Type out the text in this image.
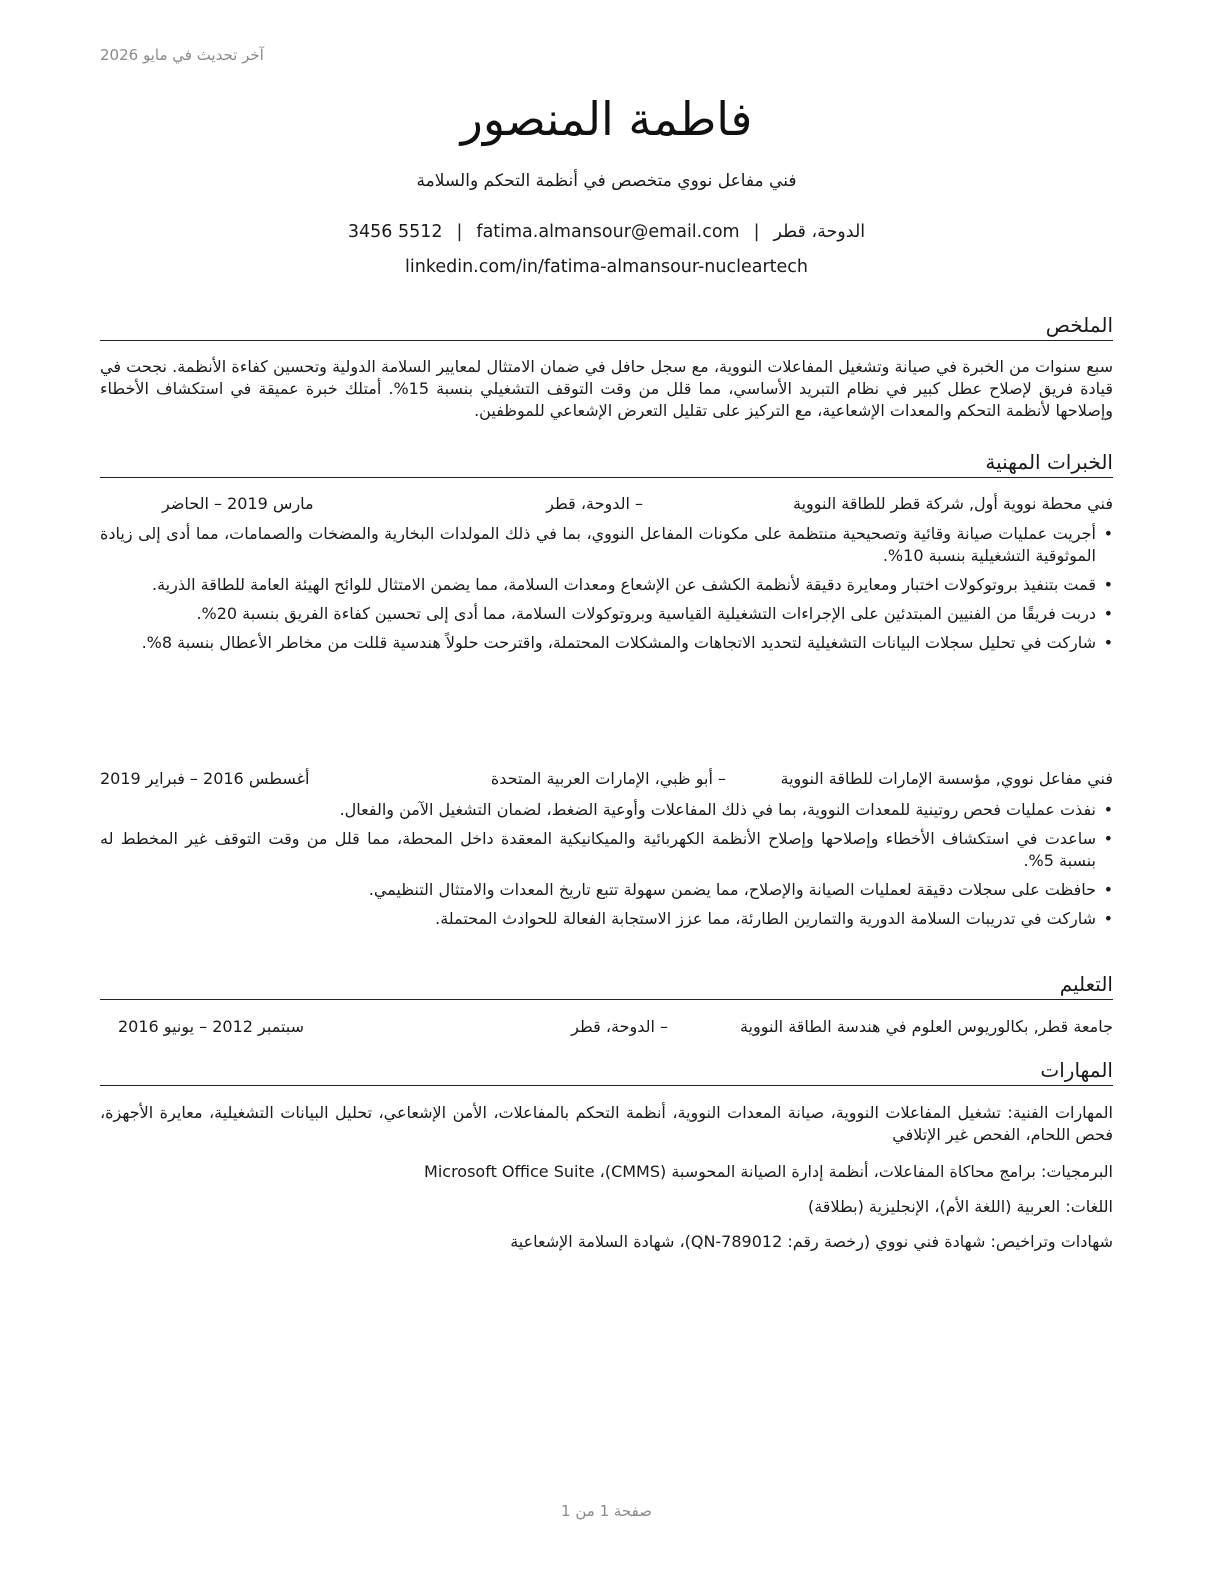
آخر تحديث في مايو 2026

فاطمة المنصور

فني مفاعل نووي متخصص في أنظمة التحكم والسلامة

الدوحة، قطر|fatima.almansour@email.com|3456 5512

linkedin.com/in/fatima-almansour-nucleartech

الملخص

سبع سنوات من الخبرة في صيانة وتشغيل المفاعلات النووية، مع سجل حافل في ضمان الامتثال لمعايير السلامة الدولية وتحسين كفاءة الأنظمة. نجحت في قيادة فريق لإصلاح عطل كبير في نظام التبريد الأساسي، مما قلل من وقت التوقف التشغيلي بنسبة 15%. أمتلك خبرة عميقة في استكشاف الأخطاء وإصلاحها لأنظمة التحكم والمعدات الإشعاعية، مع التركيز على تقليل التعرض الإشعاعي للموظفين.

الخبرات المهنية
فني محطة نووية أول, شركة قطر للطاقة النووية
– الدوحة، قطر
مارس 2019 – الحاضر
• أجريت عمليات صيانة وقائية وتصحيحية منتظمة على مكونات المفاعل النووي، بما في ذلك المولدات البخارية والمضخات والصمامات، مما أدى إلى زيادة الموثوقية التشغيلية بنسبة 10%.
• قمت بتنفيذ بروتوكولات اختبار ومعايرة دقيقة لأنظمة الكشف عن الإشعاع ومعدات السلامة، مما يضمن الامتثال للوائح الهيئة العامة للطاقة الذرية.
• دربت فريقًا من الفنيين المبتدئين على الإجراءات التشغيلية القياسية وبروتوكولات السلامة، مما أدى إلى تحسين كفاءة الفريق بنسبة 20%.
• شاركت في تحليل سجلات البيانات التشغيلية لتحديد الاتجاهات والمشكلات المحتملة، واقترحت حلولاً هندسية قللت من مخاطر الأعطال بنسبة 8%.
فني مفاعل نووي, مؤسسة الإمارات للطاقة النووية
– أبو ظبي، الإمارات العربية المتحدة
أغسطس 2016 – فبراير 2019
• نفذت عمليات فحص روتينية للمعدات النووية، بما في ذلك المفاعلات وأوعية الضغط، لضمان التشغيل الآمن والفعال.
• ساعدت في استكشاف الأخطاء وإصلاحها وإصلاح الأنظمة الكهربائية والميكانيكية المعقدة داخل المحطة، مما قلل من وقت التوقف غير المخطط له بنسبة 5%.
• حافظت على سجلات دقيقة لعمليات الصيانة والإصلاح، مما يضمن سهولة تتبع تاريخ المعدات والامتثال التنظيمي.
• شاركت في تدريبات السلامة الدورية والتمارين الطارئة، مما عزز الاستجابة الفعالة للحوادث المحتملة.
التعليم
جامعة قطر, بكالوريوس العلوم في هندسة الطاقة النووية
– الدوحة، قطر
سبتمبر 2012 – يونيو 2016
المهارات

المهارات الفنية: تشغيل المفاعلات النووية، صيانة المعدات النووية، أنظمة التحكم بالمفاعلات، الأمن الإشعاعي، تحليل البيانات التشغيلية، معايرة الأجهزة، فحص اللحام، الفحص غير الإتلافي

البرمجيات: برامج محاكاة المفاعلات، أنظمة إدارة الصيانة المحوسبة (CMMS)، Microsoft Office Suite

اللغات: العربية (اللغة الأم)، الإنجليزية (بطلاقة)

شهادات وتراخيص: شهادة فني نووي (رخصة رقم: QN-789012)، شهادة السلامة الإشعاعية

صفحة 1 من 1
